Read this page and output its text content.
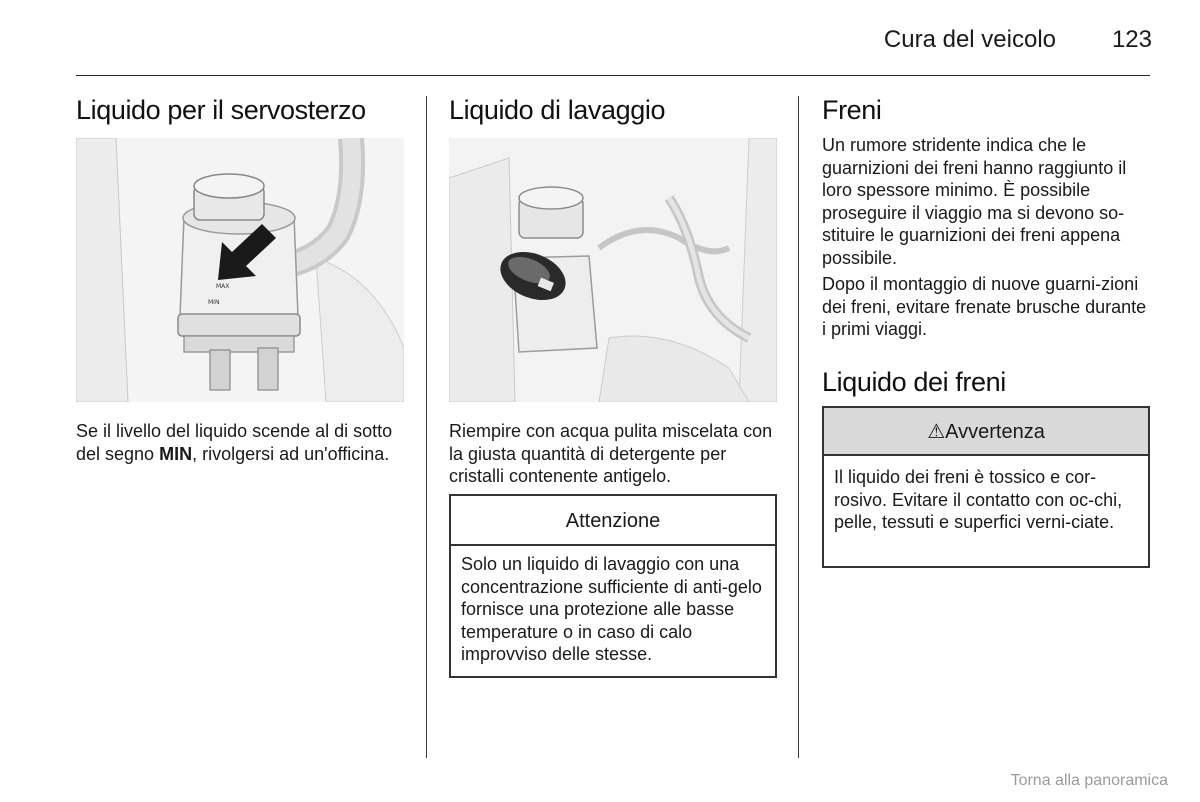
Cura del veicolo	123
Liquido per il servosterzo
MAX
MIN

Se il livello del liquido scende al di sotto del segno MIN, rivolgersi ad un'officina.

Liquido di lavaggio

Riempire con acqua pulita miscelata con la giusta quantità di detergente per cristalli contenente antigelo.

Attenzione

Solo un liquido di lavaggio con una concentrazione sufficiente di anti-gelo fornisce una protezione alle basse temperature o in caso di calo improvviso delle stesse.

Freni

Un rumore stridente indica che le guarnizioni dei freni hanno raggiunto il loro spessore minimo. È possibile proseguire il viaggio ma si devono so-stituire le guarnizioni dei freni appena possibile.

Dopo il montaggio di nuove guarni-zioni dei freni, evitare frenate brusche durante i primi viaggi.

Liquido dei freni
⚠Avvertenza

Il liquido dei freni è tossico e cor-rosivo. Evitare il contatto con oc-chi, pelle, tessuti e superfici verni-ciate.

Torna alla panoramica
